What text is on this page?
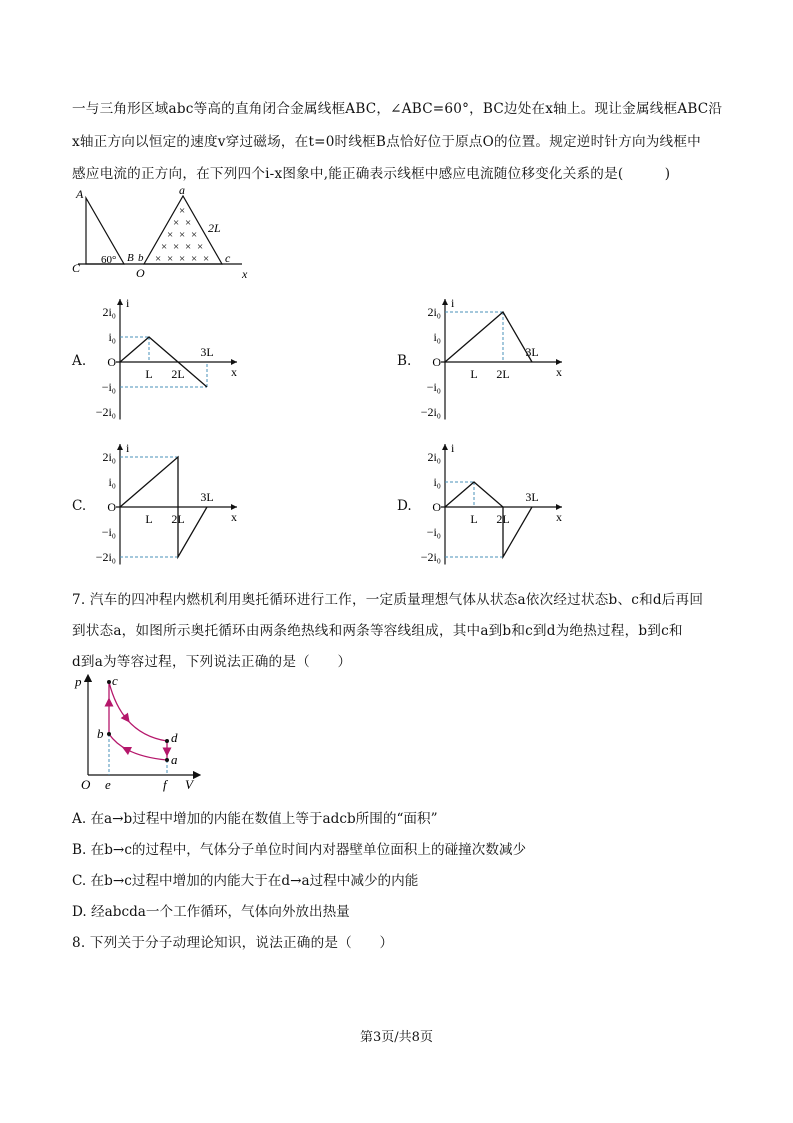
一与三角形区域abc等高的直角闭合金属线框ABC，∠ABC=60°，BC边处在x轴上。现让金属线框ABC沿
x轴正方向以恒定的速度v穿过磁场，在t=0时线框B点恰好位于原点O的位置。规定逆时针方向为线框中
感应电流的正方向，在下列四个i-x图象中,能正确表示线框中感应电流随位移变化关系的是(　　　)
x
A
C
60° B b
O
a
2L
c
×
× ×
× × ×
× × × ×
× × × × ×
A.	B.
C.	D.
i
x
O
2i₀
i₀
−i₀
−2i₀
L 2L
3L
i
x
O
2i₀
i₀
−i₀
−2i₀
L 2L
3L
i
x
O
2i₀
i₀
−i₀
−2i₀
L 2L
3L
i
x
O
2i₀
i₀
−i₀
−2i₀
L 2L
3L
7. 汽车的四冲程内燃机利用奥托循环进行工作，一定质量理想气体从状态a依次经过状态b、c和d后再回
到状态a，如图所示奥托循环由两条绝热线和两条等容线组成，其中a到b和c到d为绝热过程，b到c和
d到a为等容过程，下列说法正确的是（　　）
p
V
O e	f
c
b	d
a
A. 在a→b过程中增加的内能在数值上等于adcb所围的“面积”
B. 在b→c的过程中，气体分子单位时间内对器壁单位面积上的碰撞次数减少
C. 在b→c过程中增加的内能大于在d→a过程中减少的内能
D. 经abcda一个工作循环，气体向外放出热量
8. 下列关于分子动理论知识，说法正确的是（　　）
第3页/共8页
